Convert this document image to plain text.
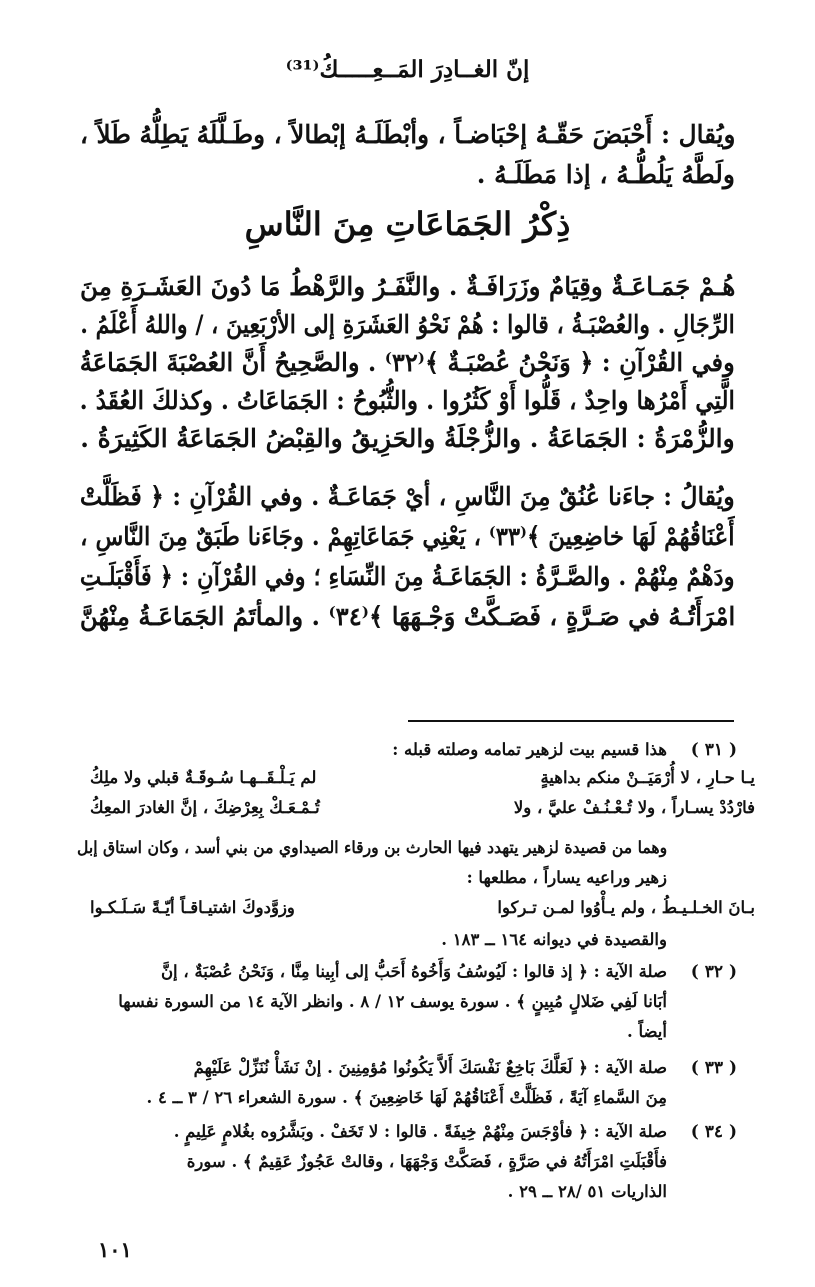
إنّ الغــادِرَ المَــعِـــــكُ⁽³¹⁾
ويُقال : أَحْبَضَ حَقّـهُ إحْبَاضـاً ، وأبْطَلَـهُ إبْطالاً ، وطَـلَّلَهُ يَطِلُّهُ طَلاً ،
ولَطَّهُ يَلُطُّـهُ ، إذا مَطَلَـهُ .
ذِكْرُ الجَمَاعَاتِ مِنَ النَّاسِ
هُـمْ جَمَـاعَـةٌ وقِيَامٌ وزَرَافَـةٌ . والنَّفَـرُ والرَّهْطُ مَا دُونَ العَشَـرَةِ مِنَ
الرِّجَالِ . والعُصْبَـةُ ، قالوا : هُمْ نَحْوُ العَشَرَةِ إلى الأرْبَعِينَ ، / واللهُ أَعْلَمُ .
وفي القُرْآنِ : ﴿ وَنَحْنُ عُصْبَـةٌ ﴾⁽٣٢⁾ . والصَّحِيحُ أَنَّ العُصْبَةَ الجَمَاعَةُ
الَّتِي أَمْرُها واحِدٌ ، قَلُّوا أَوْ كَثُرُوا . والثُّبُوحُ : الجَمَاعَاتُ . وكذلكَ العُقَدُ .
والزُّمْرَةُ : الجَمَاعَةُ . والزُّجْلَةُ والحَزِيقُ والقِبْضُ الجَمَاعَةُ الكَثِيرَةُ .
ويُقالُ : جاءَنا عُنُقٌ مِنَ النَّاسِ ، أيْ جَمَاعَـةٌ . وفي القُرْآنِ : ﴿ فَظَلَّتْ
أَعْنَاقُهُمْ لَهَا خاضِعِينَ ﴾⁽٣٣⁾ ، يَعْنِي جَمَاعَاتِهِمْ . وجَاءَنا طَبَقٌ مِنَ النَّاسِ ،
ودَهْمٌ مِنْهُمْ . والصَّـرَّةُ : الجَمَاعَـةُ مِنَ النِّسَاءِ ؛ وفي القُرْآنِ : ﴿ فَأَقْبَلَـتِ
امْرَأَتُـهُ في صَـرَّةٍ ، فَصَـكَّتْ وَجْـهَهَا ﴾⁽٣٤⁾ . والمأتَمُ الجَمَاعَـةُ مِنْهُنَّ
( ٣١ )
هذا قسيم بيت لزهير تمامه وصلته قبله :
يـا حـارِ ، لا أُرْمَيَــنْ منكم بداهيةٍ
لم يَـلْـقَــهـا سُـوقَـةٌ قبلي ولا ملِكُ
فارْدُدْ يسـاراً ، ولا تُـعْـنُـفْ عليَّ ، ولا
تُـمْـعَـكْ بِعِرْضِكَ ، إنَّ الغادرَ المعِكُ
وهما من قصيدة لزهير يتهدد فيها الحارث بن ورقاء الصيداوي من بني أسد ، وكان استاق إبل
زهير وراعيه يساراً ، مطلعها :
بـانَ الخـلـيـطُ ، ولم يـأْوُوا لمـن تـركوا
وزوَّدوكَ اشتيـاقـاً أيّـةً سَـلَـكـوا
والقصيدة في ديوانه ١٦٤ ــ ١٨٣ .
( ٣٢ )
صلة الآية : ﴿ إذ قالوا : لَيُوسُفُ وَأَخُوهُ أَحَبُّ إلى أبِينا مِنَّا ، وَنَحْنُ عُصْبَةٌ ، إنَّ
أبَانا لَفِي ضَلالٍ مُبِينٍ ﴾ . سورة يوسف ١٢ / ٨ . وانظر الآية ١٤ من السورة نفسها
أيضاً .
( ٣٣ )
صلة الآية : ﴿ لَعَلَّكَ بَاخِعٌ نَفْسَكَ أَلاَّ يَكُونُوا مُؤمِنِينَ . إنْ نَشَأْ نُنَزِّلْ عَلَيْهِمْ
مِنَ السَّماءِ آيَةً ، فَظَلَّتْ أَعْنَاقُهُمْ لَهَا خَاضِعِينَ ﴾ . سورة الشعراء ٢٦ / ٣ ــ ٤ .
( ٣٤ )
صلة الآية : ﴿ فأوْجَسَ مِنْهُمْ خِيفَةً . قالوا : لا تَخَفْ . وبَشَّرُوه بغُلامٍ عَلِيمٍ .
فأَقْبَلَتِ امْرَأَتُهُ في صَرَّةٍ ، فَصَكَّتْ وَجْهَهَا ، وقالتْ عَجُوزٌ عَقِيمٌ ﴾ . سورة
الذاريات ٥١ /٢٨ ــ ٢٩ .
١٠١
